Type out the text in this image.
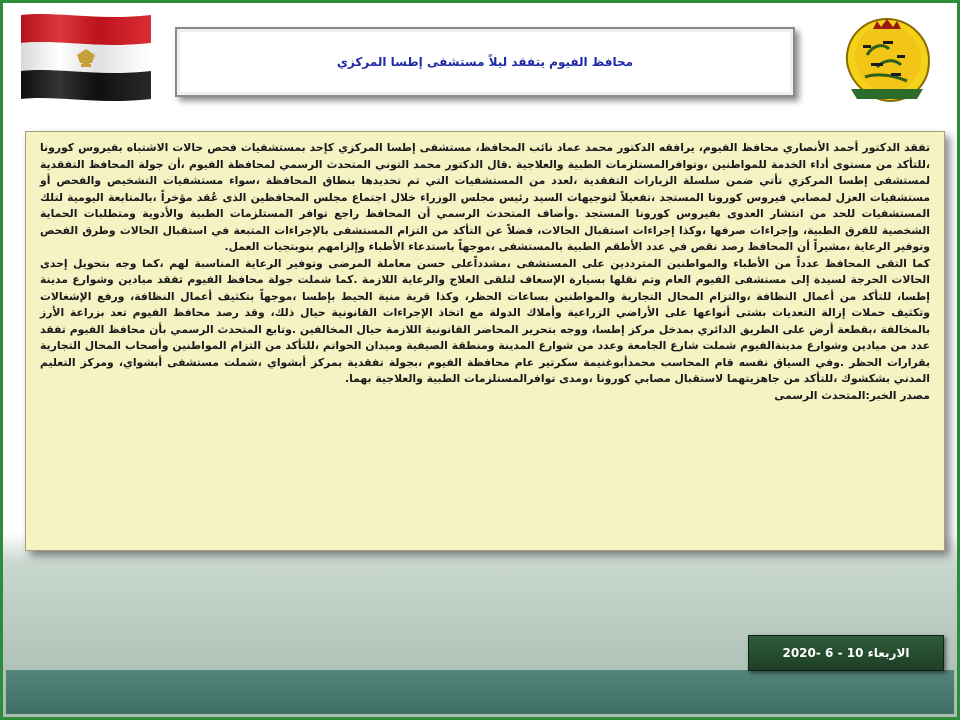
محافظ الفيوم يتفقد ليلاً مستشفى إطسا المركزي

تفقد الدكتور أحمد الأنصاري محافظ الفيوم، يرافقه الدكتور محمد عماد نائب المحافظ، مستشفى إطسا المركزي كإحد بمستشفيات فحص حالات الاشتباه بفيروس كورونا ،للتأكد من مستوى أداء الخدمة للمواطنين ،وتوافرالمستلزمات الطبية والعلاجية .قال الدكتور محمد التوني المتحدث الرسمي لمحافظة الفيوم ،أن جولة المحافظ التفقدية لمستشفى إطسا المركزي تأتي ضمن سلسلة الزيارات التفقدية ،لعدد من المستشفيات التي تم تحديدها بنطاق المحافظة ،سواء مستشفيات التشخيص والفحص أو مستشفيات العزل لمصابي فيروس كورونا المستجد ،تفعيلاً لتوجيهات السيد رئيس مجلس الوزراء خلال اجتماع مجلس المحافظين الذى عُقد مؤخراً ،بالمتابعة اليومية لتلك المستشفيات للحد من انتشار العدوى بفيروس كورونا المستجد .وأضاف المتحدث الرسمي أن المحافظ راجع توافر المستلزمات الطبية والأدوية ومتطلبات الحماية الشخصية للفرق الطبية، وإجراءات صرفها ،وكذا إجراءات استقبال الحالات، فضلاً عن التأكد من التزام المستشفى بالإجراءات المتبعة في استقبال الحالات وطرق الفحص وتوفير الرعاية ،مشيراً أن المحافظ رصد نقص في عدد الأطقم الطبية بالمستشفى ،موجهاً باستدعاء الأطباء وإلزامهم بنوبتجيات العمل.

كما التقى المحافظ عدداً من الأطباء والمواطنين المترددين على المستشفى ،مشدداًعلى حسن معاملة المرضى وتوفير الرعاية المناسبة لهم ،كما وجه بتحويل إحدى الحالات الحرجة لسيدة إلى مستشفى الفيوم العام وتم نقلها بسيارة الإسعاف لتلقى العلاج والرعاية اللازمة .كما شملت جولة محافظ الفيوم تفقد ميادين وشوارع مدينة إطسا، للتأكد من أعمال النظافة ،والتزام المحال التجارية والمواطنين بساعات الحظر، وكذا قرية منية الحيط بإطسا ،موجهاً بتكثيف أعمال النظافة، ورفع الإشغالات وتكثيف حملات إزالة التعديات بشتى أنواعها على الأراضي الزراعية وأملاك الدولة مع اتخاذ الإجراءات القانونية حيال ذلك، وقد رصد محافظ الفيوم تعد بزراعة الأرز بالمخالفة ،بقطعة أرض على الطريق الدائري بمدخل مركز إطسا، ووجه بتحرير المحاضر القانونية اللازمة حيال المخالفين .وتابع المتحدث الرسمي بأن محافظ الفيوم تفقد عدد من ميادين وشوارع مدينةالفيوم شملت شارع الجامعة وعدد من شوارع المدينة ومنطقة الصيفية وميدان الحواتم ،للتأكد من التزام المواطنين وأصحاب المحال التجارية بقرارات الحظر .وفي السياق نفسه قام المحاسب محمدأبوغنيمة سكرتير عام محافظة الفيوم ،بجولة تفقدية بمركز أبشواي ،شملت مستشفى أبشواي، ومركز التعليم المدني بشكشوك ،للتأكد من جاهزيتهما لاستقبال مصابي كورونا ،ومدى توافرالمستلزمات الطبية والعلاجية بهما.

مصدر الخبر:المتحدث الرسمى
الاربعاء 10 - 6 -2020
